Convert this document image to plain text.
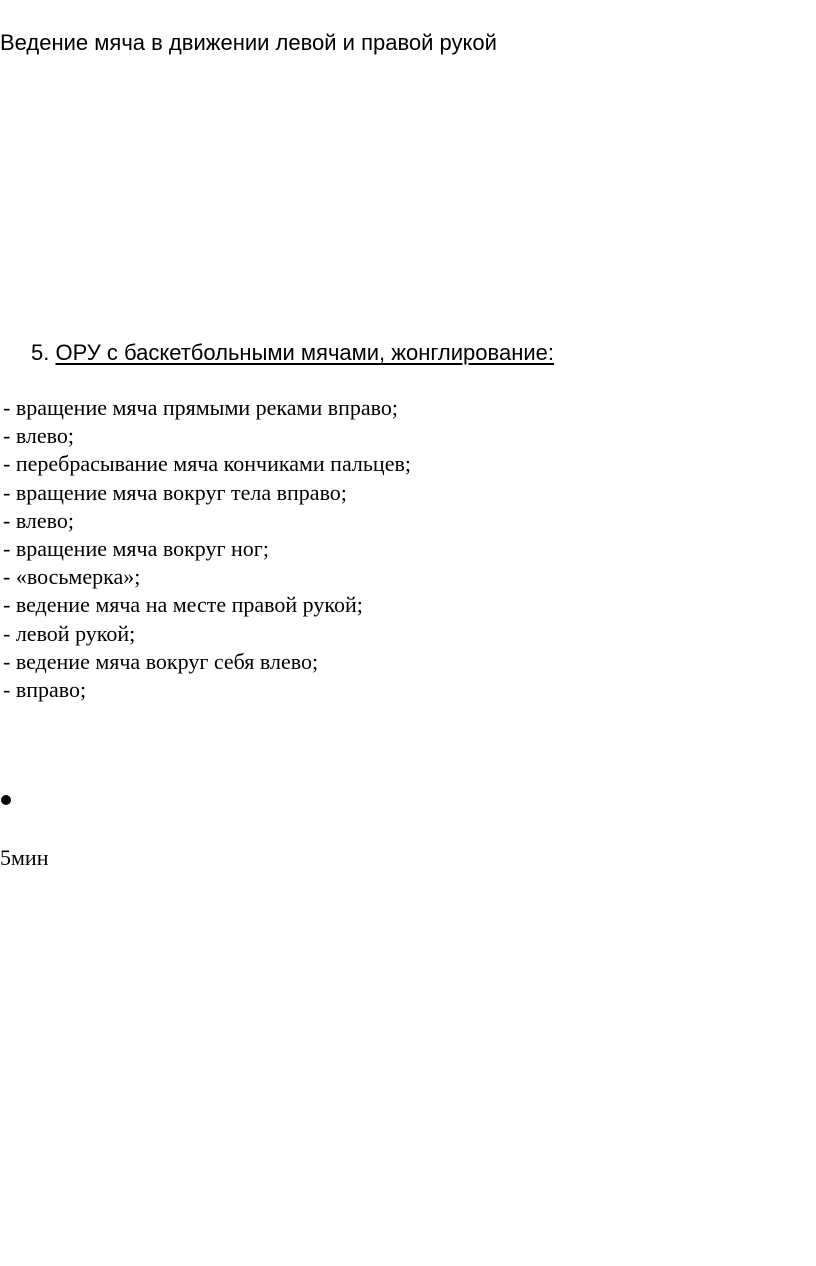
Ведение мяча в движении левой и правой рукой
5. ОРУ с баскетбольными мячами, жонглирование:
- вращение мяча прямыми реками вправо;
- влево;
- перебрасывание мяча кончиками пальцев;
- вращение мяча вокруг тела вправо;
- влево;
- вращение мяча вокруг ног;
- «восьмерка»;
- ведение мяча на месте правой рукой;
- левой рукой;
- ведение мяча вокруг себя влево;
- вправо;
5мин
